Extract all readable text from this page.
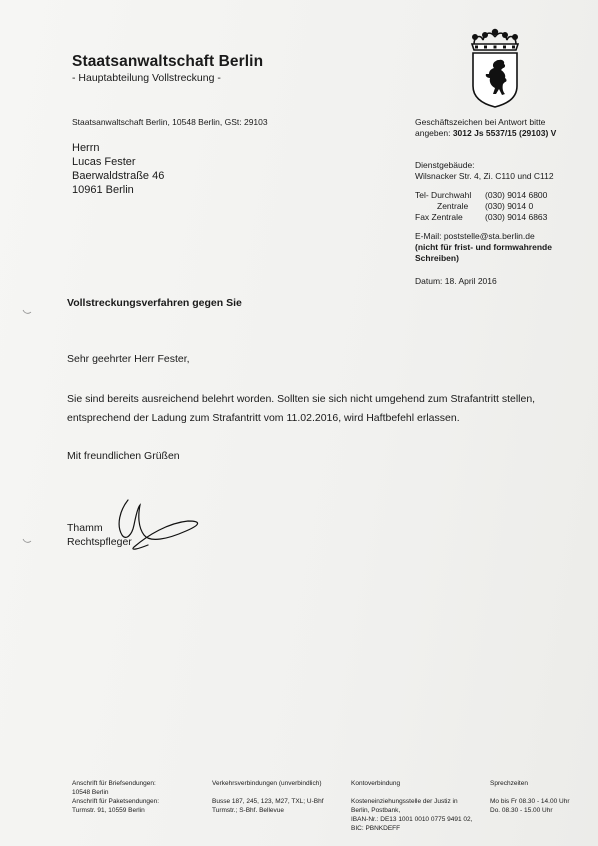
Staatsanwaltschaft Berlin
- Hauptabteilung Vollstreckung -
Staatsanwaltschaft Berlin, 10548 Berlin, GSt: 29103
Herrn
Lucas Fester
Baerwaldstraße 46
10961 Berlin
Geschäftszeichen bei Antwort bitte
angeben: 3012 Js 5537/15 (29103) V
Dienstgebäude:
Wilsnacker Str. 4, Zi. C110 und C112
Tel- Durchwahl (030) 9014 6800
Zentrale (030) 9014 0
Fax Zentrale	(030) 9014 6863
E-Mail: poststelle@sta.berlin.de
(nicht für frist- und formwahrende
Schreiben)
Datum: 18. April 2016
Vollstreckungsverfahren gegen Sie
Sehr geehrter Herr Fester,
Sie sind bereits ausreichend belehrt worden. Sollten sie sich nicht umgehend zum Strafantritt stellen,
entsprechend der Ladung zum Strafantritt vom 11.02.2016, wird Haftbefehl erlassen.
Mit freundlichen Grüßen
Thamm
Rechtspfleger
Anschrift für Briefsendungen:
10548 Berlin
Anschrift für Paketsendungen:
Turmstr. 91, 10559 Berlin
Verkehrsverbindungen (unverbindlich)
Busse 187, 245, 123, M27, TXL; U-Bhf
Turmstr.; S-Bhf. Bellevue
Kontoverbindung
Kosteneinziehungsstelle der Justiz in
Berlin, Postbank,
IBAN-Nr.: DE13 1001 0010 0775 9491 02,
BIC: PBNKDEFF
Sprechzeiten
Mo bis Fr 08.30 - 14.00 Uhr
Do. 08.30 - 15.00 Uhr
